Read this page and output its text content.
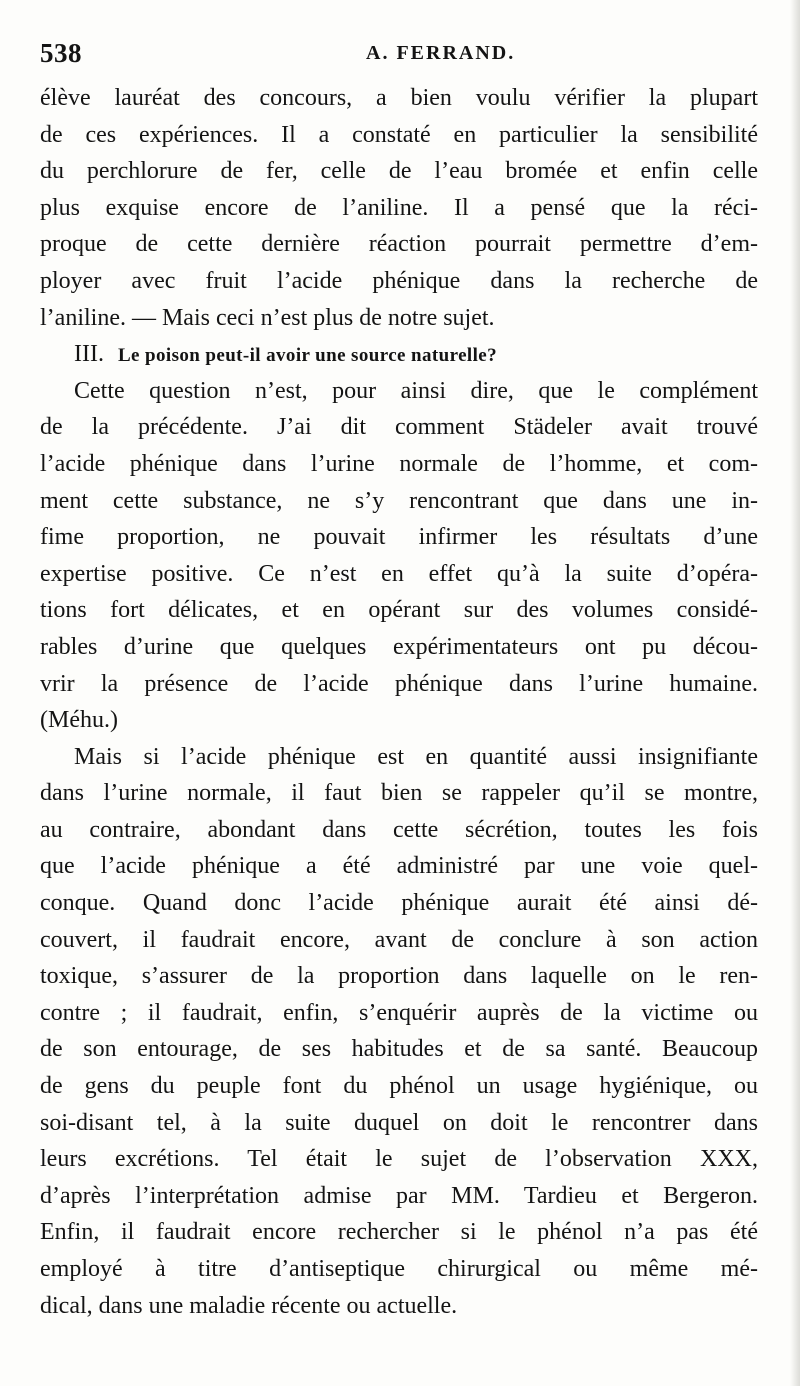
538	A. FERRAND.
élève lauréat des concours, a bien voulu vérifier la plupart
de ces expériences. Il a constaté en particulier la sensibilité
du perchlorure de fer, celle de l’eau bromée et enfin celle
plus exquise encore de l’aniline. Il a pensé que la réci-
proque de cette dernière réaction pourrait permettre d’em-
ployer avec fruit l’acide phénique dans la recherche de
l’aniline. — Mais ceci n’est plus de notre sujet.
III. Le poison peut-il avoir une source naturelle?
Cette question n’est, pour ainsi dire, que le complément
de la précédente. J’ai dit comment Städeler avait trouvé
l’acide phénique dans l’urine normale de l’homme, et com-
ment cette substance, ne s’y rencontrant que dans une in-
fime proportion, ne pouvait infirmer les résultats d’une
expertise positive. Ce n’est en effet qu’à la suite d’opéra-
tions fort délicates, et en opérant sur des volumes considé-
rables d’urine que quelques expérimentateurs ont pu décou-
vrir la présence de l’acide phénique dans l’urine humaine.
(Méhu.)
Mais si l’acide phénique est en quantité aussi insignifiante
dans l’urine normale, il faut bien se rappeler qu’il se montre,
au contraire, abondant dans cette sécrétion, toutes les fois
que l’acide phénique a été administré par une voie quel-
conque. Quand donc l’acide phénique aurait été ainsi dé-
couvert, il faudrait encore, avant de conclure à son action
toxique, s’assurer de la proportion dans laquelle on le ren-
contre ; il faudrait, enfin, s’enquérir auprès de la victime ou
de son entourage, de ses habitudes et de sa santé. Beaucoup
de gens du peuple font du phénol un usage hygiénique, ou
soi-disant tel, à la suite duquel on doit le rencontrer dans
leurs excrétions. Tel était le sujet de l’observation XXX,
d’après l’interprétation admise par MM. Tardieu et Bergeron.
Enfin, il faudrait encore rechercher si le phénol n’a pas été
employé à titre d’antiseptique chirurgical ou même mé-
dical, dans une maladie récente ou actuelle.
